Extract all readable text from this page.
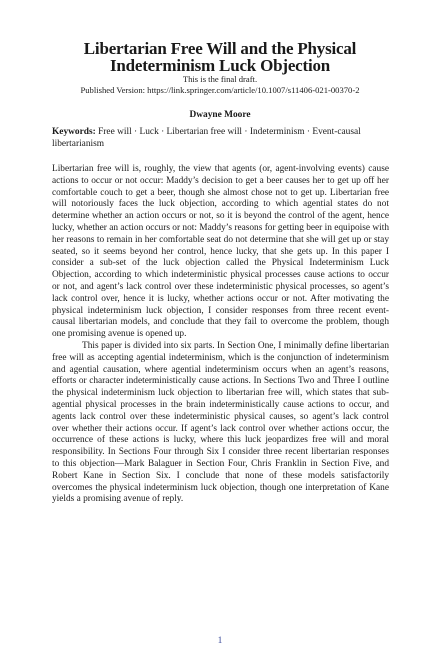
Libertarian Free Will and the Physical
Indeterminism Luck Objection

This is the final draft.

Published Version: https://link.springer.com/article/10.1007/s11406-021-00370-2

Dwayne Moore

Keywords: Free will · Luck · Libertarian free will · Indeterminism · Event-causal libertarianism

Libertarian free will is, roughly, the view that agents (or, agent-involving events) cause actions to occur or not occur: Maddy’s decision to get a beer causes her to get up off her comfortable couch to get a beer, though she almost chose not to get up. Libertarian free will notoriously faces the luck objection, according to which agential states do not determine whether an action occurs or not, so it is beyond the control of the agent, hence lucky, whether an action occurs or not: Maddy’s reasons for getting beer in equipoise with her reasons to remain in her comfortable seat do not determine that she will get up or stay seated, so it seems beyond her control, hence lucky, that she gets up. In this paper I consider a sub-set of the luck objection called the Physical Indeterminism Luck Objection, according to which indeterministic physical processes cause actions to occur or not, and agent’s lack control over these indeterministic physical processes, so agent’s lack control over, hence it is lucky, whether actions occur or not. After motivating the physical indeterminism luck objection, I consider responses from three recent event-causal libertarian models, and conclude that they fail to overcome the problem, though one promising avenue is opened up.

This paper is divided into six parts. In Section One, I minimally define libertarian free will as accepting agential indeterminism, which is the conjunction of indeterminism and agential causation, where agential indeterminism occurs when an agent’s reasons, efforts or character indeterministically cause actions. In Sections Two and Three I outline the physical indeterminism luck objection to libertarian free will, which states that sub-agential physical processes in the brain indeterministically cause actions to occur, and agents lack control over these indeterministic physical causes, so agent’s lack control over whether their actions occur. If agent’s lack control over whether actions occur, the occurrence of these actions is lucky, where this luck jeopardizes free will and moral responsibility. In Sections Four through Six I consider three recent libertarian responses to this objection—Mark Balaguer in Section Four, Chris Franklin in Section Five, and Robert Kane in Section Six. I conclude that none of these models satisfactorily overcomes the physical indeterminism luck objection, though one interpretation of Kane yields a promising avenue of reply.

1
